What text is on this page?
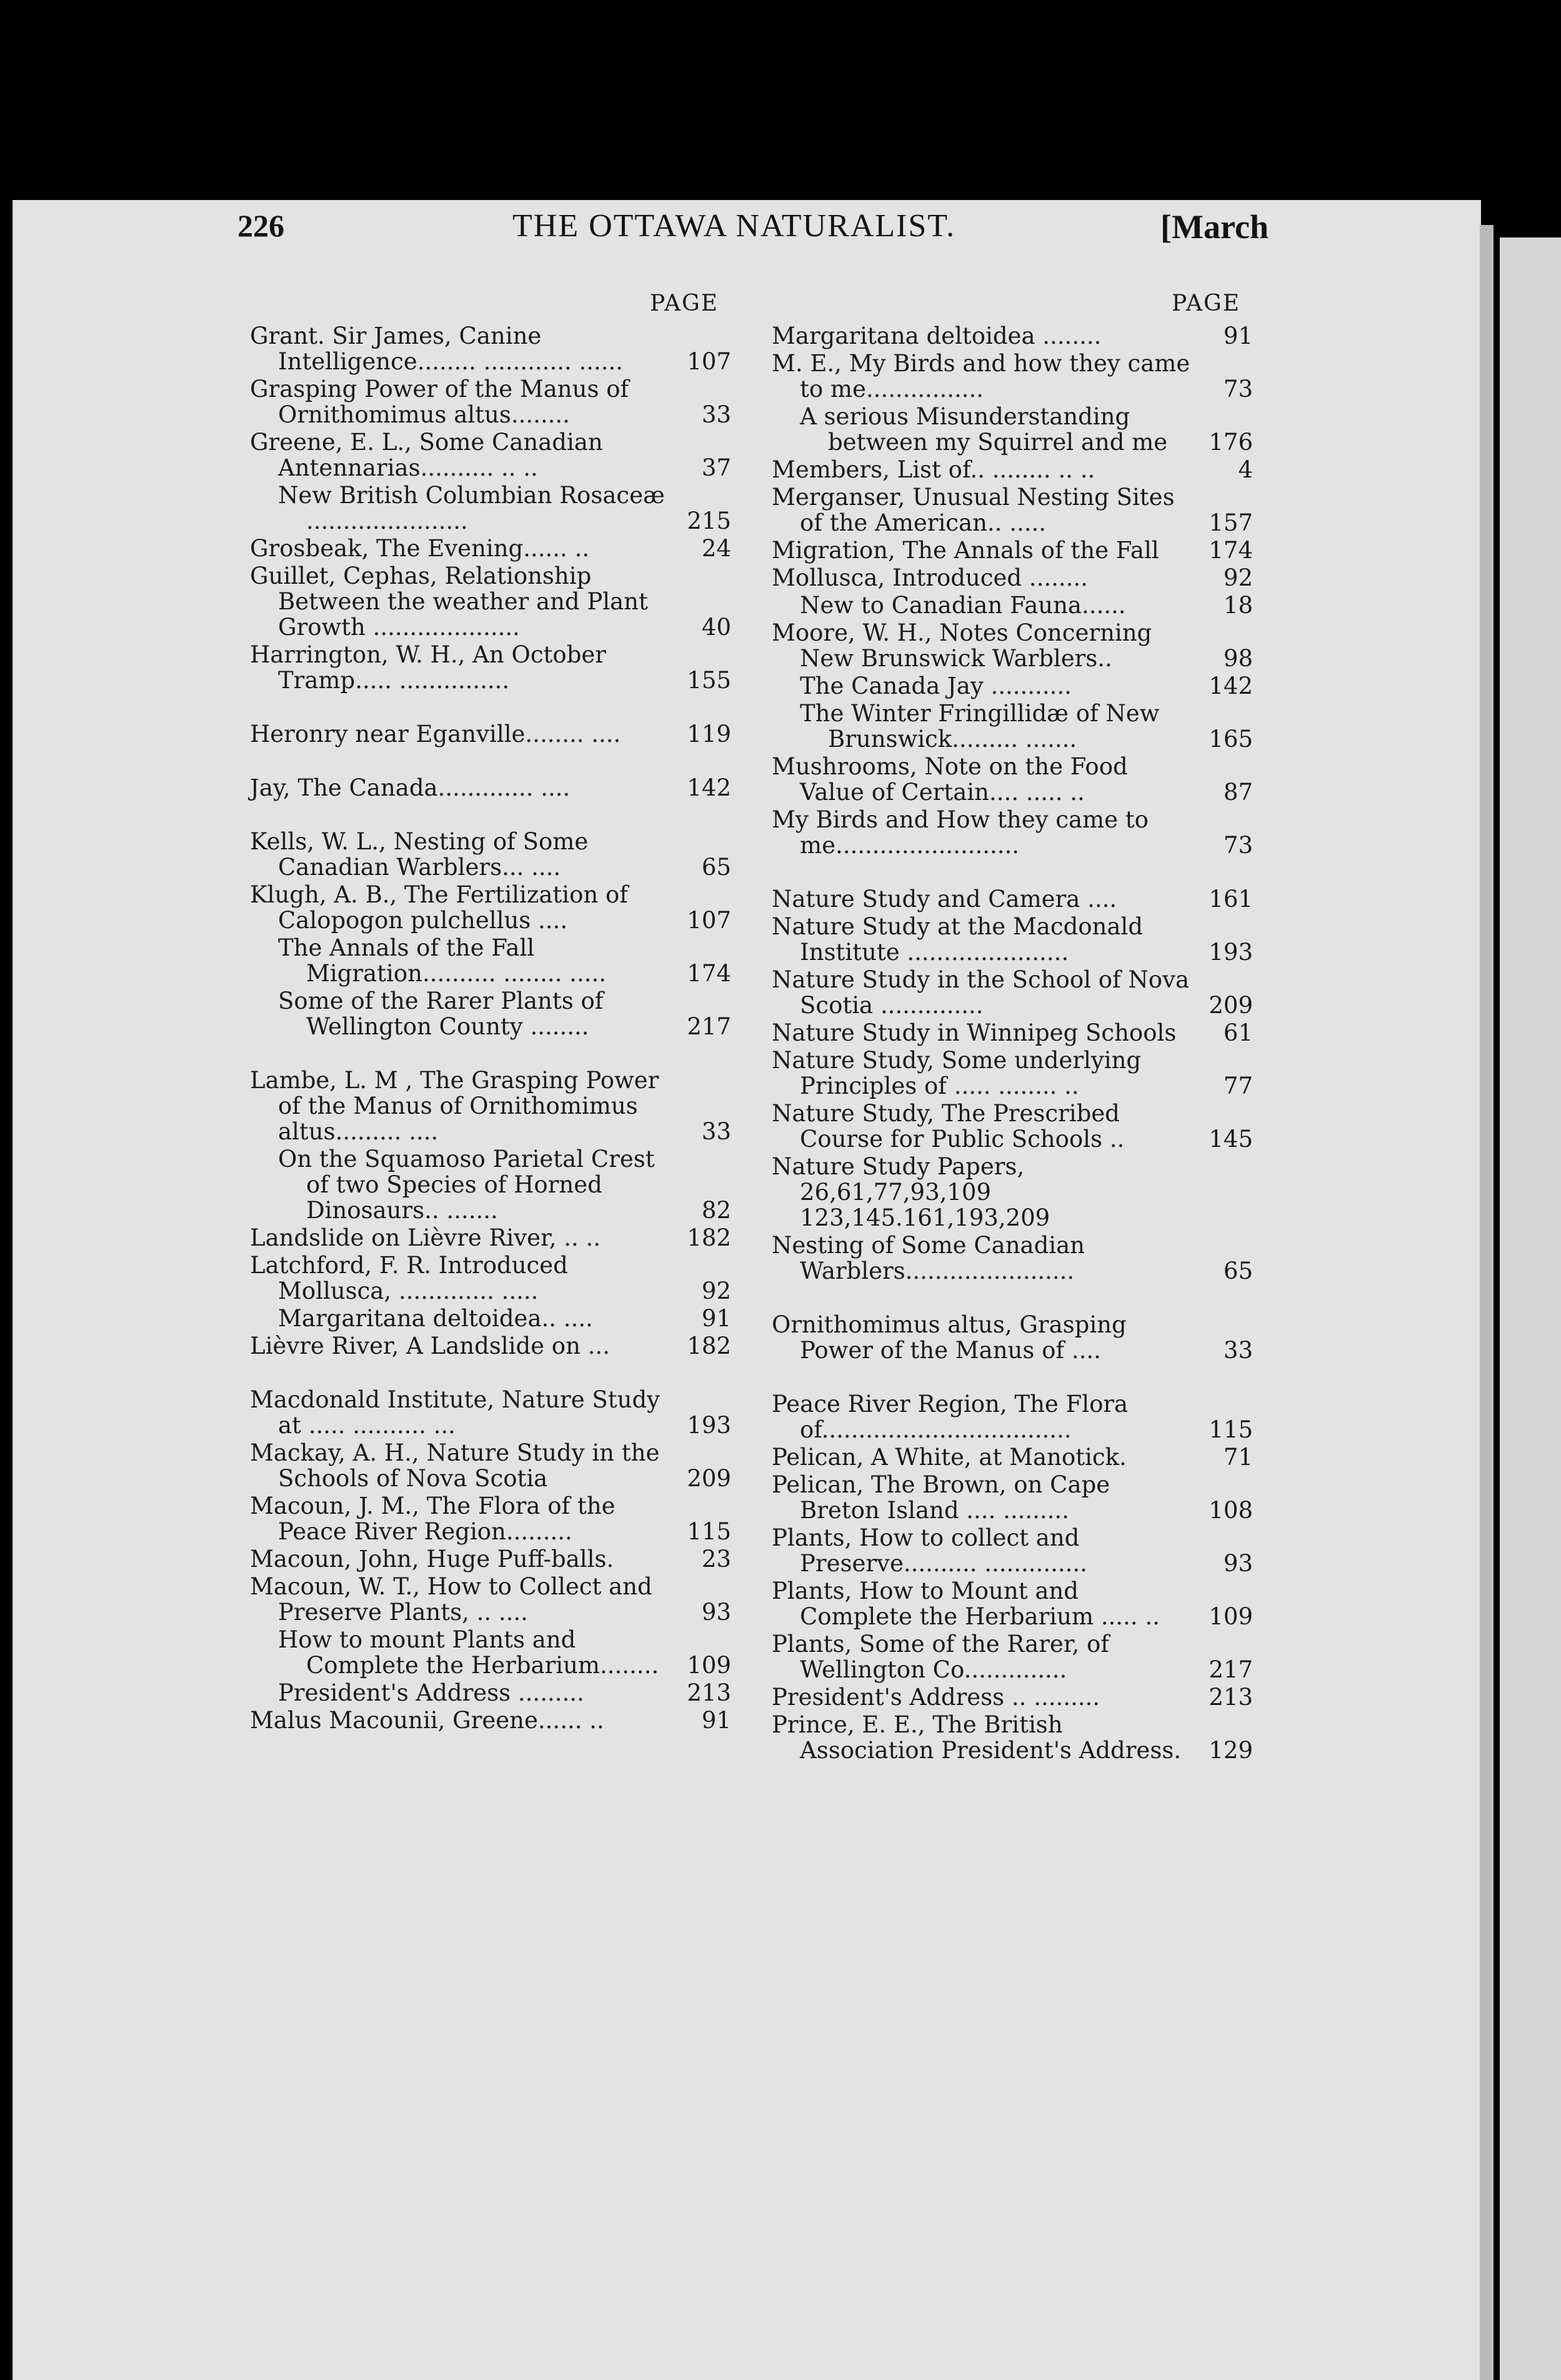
226	THE OTTAWA NATURALIST.	[March
PAGE
Grant. Sir James, Canine Intelligence........ ............ ......	107
Grasping Power of the Manus of Ornithomimus altus........	33
Greene, E. L., Some Canadian Antennarias.......... .. ..	37
New British Columbian Rosaceæ ......................	215
Grosbeak, The Evening...... ..	24
Guillet, Cephas, Relationship Between the weather and Plant Growth ....................	40
Harrington, W. H., An October Tramp..... ...............	155
Heronry near Eganville........ ....	119
Jay, The Canada............. ....	142
Kells, W. L., Nesting of Some Canadian Warblers... ....	65
Klugh, A. B., The Fertilization of Calopogon pulchellus ....	107
The Annals of the Fall Migration.......... ........ .....	174
Some of the Rarer Plants of Wellington County ........	217
Lambe, L. M , The Grasping Power of the Manus of Ornithomimus altus......... ....	33
On the Squamoso Parietal Crest of two Species of Horned Dinosaurs.. .......	82
Landslide on Lièvre River, .. ..	182
Latchford, F. R. Introduced Mollusca, ............. .....	92
Margaritana deltoidea.. ....	91
Lièvre River, A Landslide on ...	182
Macdonald Institute, Nature Study at ..... .......... ...	193
Mackay, A. H., Nature Study in the Schools of Nova Scotia	209
Macoun, J. M., The Flora of the Peace River Region.........	115
Macoun, John, Huge Puff-balls.	23
Macoun, W. T., How to Collect and Preserve Plants, .. ....	93
How to mount Plants and Complete the Herbarium........	109
President's Address .........	213
Malus Macounii, Greene...... ..	91
PAGE
Margaritana deltoidea ........	91
M. E., My Birds and how they came to me................	73
A serious Misunderstanding between my Squirrel and me	176
Members, List of.. ........ .. ..	4
Merganser, Unusual Nesting Sites of the American.. .....	157
Migration, The Annals of the Fall	174
Mollusca, Introduced ........	92
New to Canadian Fauna......	18
Moore, W. H., Notes Concerning New Brunswick Warblers..	98
The Canada Jay ...........	142
The Winter Fringillidæ of New Brunswick......... .......	165
Mushrooms, Note on the Food Value of Certain.... ..... ..	87
My Birds and How they came to me.........................	73
Nature Study and Camera ....	161
Nature Study at the Macdonald Institute ......................	193
Nature Study in the School of Nova Scotia ..............	209
Nature Study in Winnipeg Schools	61
Nature Study, Some underlying Principles of ..... ........ ..	77
Nature Study, The Prescribed Course for Public Schools ..	145
Nature Study Papers, 26,61,77,93,109 123,145.161,193,209
Nesting of Some Canadian Warblers.......................	65
Ornithomimus altus, Grasping Power of the Manus of ....	33
Peace River Region, The Flora of..................................	115
Pelican, A White, at Manotick.	71
Pelican, The Brown, on Cape Breton Island .... .........	108
Plants, How to collect and Preserve.......... ..............	93
Plants, How to Mount and Complete the Herbarium ..... ..	109
Plants, Some of the Rarer, of Wellington Co..............	217
President's Address .. .........	213
Prince, E. E., The British Association President's Address.	129
